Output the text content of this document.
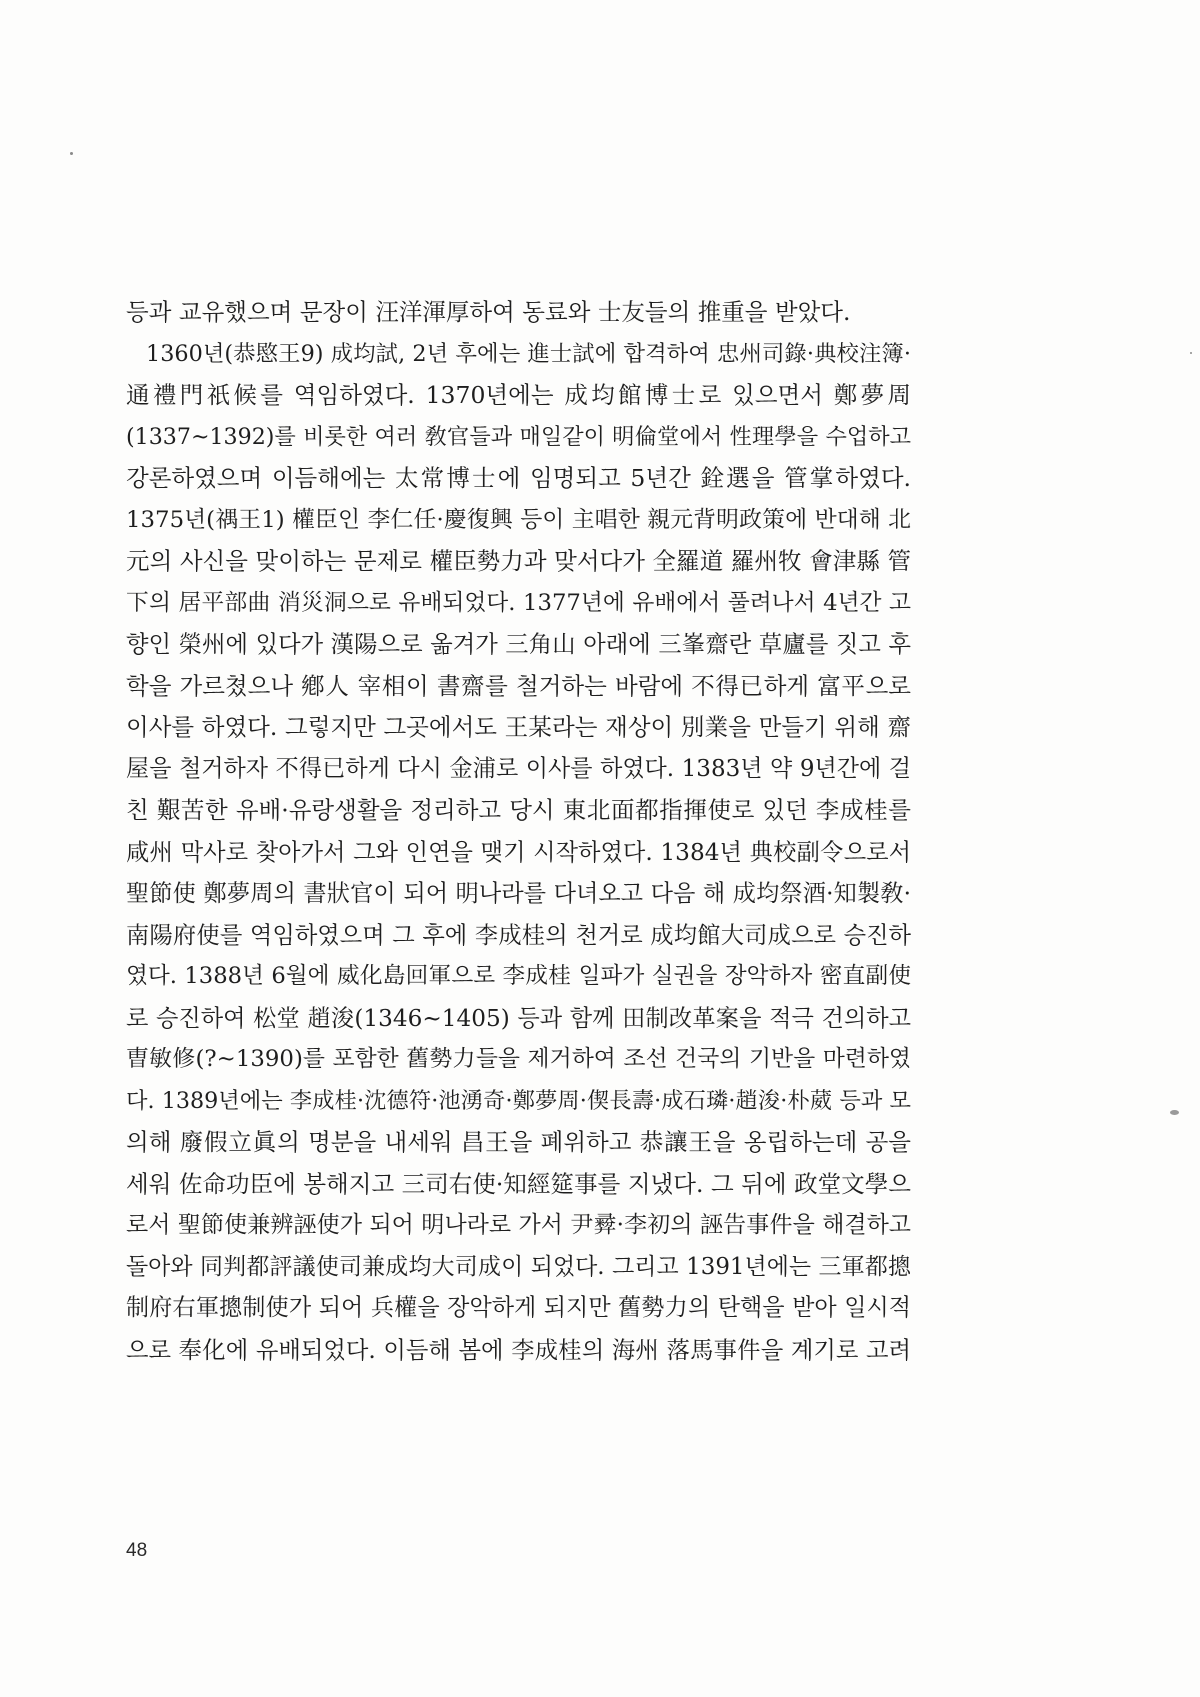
등과 교유했으며 문장이 汪洋渾厚하여 동료와 士友들의 推重을 받았다.
1360년(恭愍王9) 成均試, 2년 후에는 進士試에 합격하여 忠州司錄·典校注簿·
通禮門祇候를 역임하였다. 1370년에는 成均館博士로 있으면서 鄭夢周
(1337~1392)를 비롯한 여러 敎官들과 매일같이 明倫堂에서 性理學을 수업하고
강론하였으며 이듬해에는 太常博士에 임명되고 5년간 銓選을 管掌하였다.
1375년(禑王1) 權臣인 李仁任·慶復興 등이 主唱한 親元背明政策에 반대해 北
元의 사신을 맞이하는 문제로 權臣勢力과 맞서다가 全羅道 羅州牧 會津縣 管
下의 居平部曲 消災洞으로 유배되었다. 1377년에 유배에서 풀려나서 4년간 고
향인 榮州에 있다가 漢陽으로 옮겨가 三角山 아래에 三峯齋란 草廬를 짓고 후
학을 가르쳤으나 鄕人 宰相이 書齋를 철거하는 바람에 不得已하게 富平으로
이사를 하였다. 그렇지만 그곳에서도 王某라는 재상이 別業을 만들기 위해 齋
屋을 철거하자 不得已하게 다시 金浦로 이사를 하였다. 1383년 약 9년간에 걸
친 艱苦한 유배·유랑생활을 정리하고 당시 東北面都指揮使로 있던 李成桂를
咸州 막사로 찾아가서 그와 인연을 맺기 시작하였다. 1384년 典校副令으로서
聖節使 鄭夢周의 書狀官이 되어 明나라를 다녀오고 다음 해 成均祭酒·知製敎·
南陽府使를 역임하였으며 그 후에 李成桂의 천거로 成均館大司成으로 승진하
였다. 1388년 6월에 威化島回軍으로 李成桂 일파가 실권을 장악하자 密直副使
로 승진하여 松堂 趙浚(1346~1405) 등과 함께 田制改革案을 적극 건의하고
曺敏修(?~1390)를 포함한 舊勢力들을 제거하여 조선 건국의 기반을 마련하였
다. 1389년에는 李成桂·沈德符·池湧奇·鄭夢周·偰長壽·成石璘·趙浚·朴葳 등과 모
의해 廢假立眞의 명분을 내세워 昌王을 폐위하고 恭讓王을 옹립하는데 공을
세워 佐命功臣에 봉해지고 三司右使·知經筵事를 지냈다. 그 뒤에 政堂文學으
로서 聖節使兼辨誣使가 되어 明나라로 가서 尹彛·李初의 誣告事件을 해결하고
돌아와 同判都評議使司兼成均大司成이 되었다. 그리고 1391년에는 三軍都摠
制府右軍摠制使가 되어 兵權을 장악하게 되지만 舊勢力의 탄핵을 받아 일시적
으로 奉化에 유배되었다. 이듬해 봄에 李成桂의 海州 落馬事件을 계기로 고려
48
